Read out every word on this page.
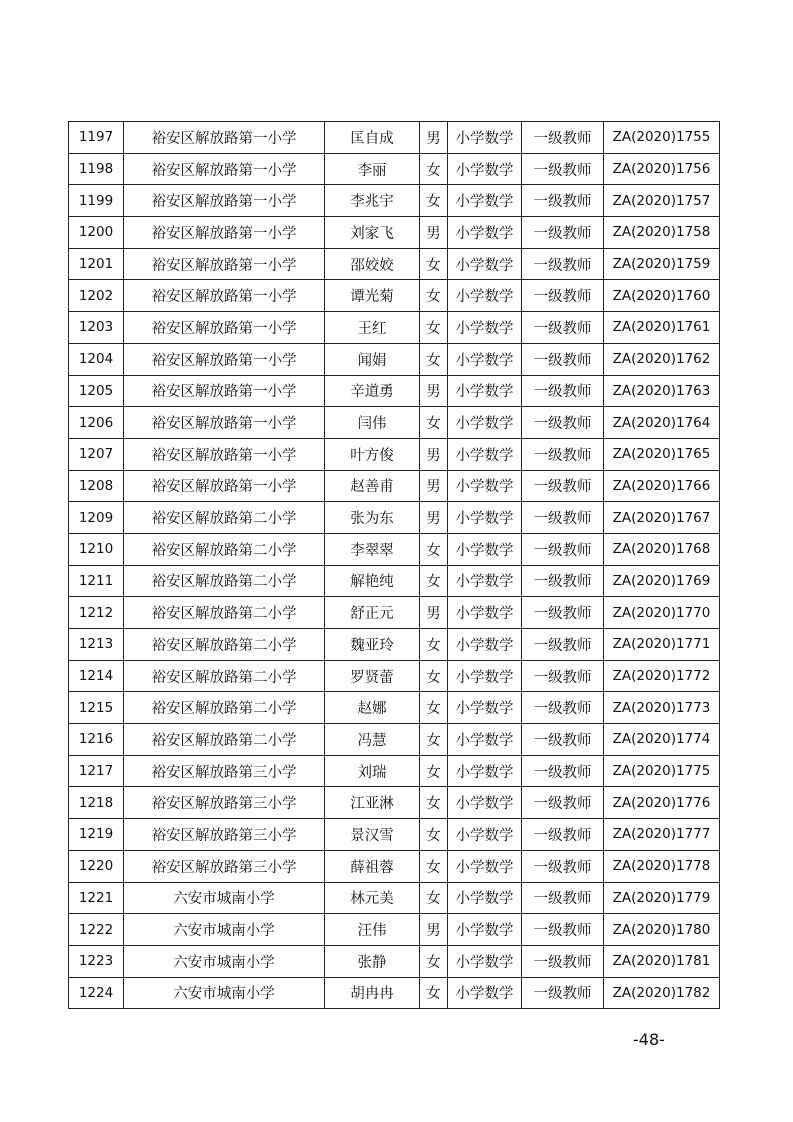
1197	裕安区解放路第一小学	匡自成	男	小学数学	一级教师	ZA(2020)1755
1198	裕安区解放路第一小学	李丽	女	小学数学	一级教师	ZA(2020)1756
1199	裕安区解放路第一小学	李兆宇	女	小学数学	一级教师	ZA(2020)1757
1200	裕安区解放路第一小学	刘家飞	男	小学数学	一级教师	ZA(2020)1758
1201	裕安区解放路第一小学	邵姣姣	女	小学数学	一级教师	ZA(2020)1759
1202	裕安区解放路第一小学	谭光菊	女	小学数学	一级教师	ZA(2020)1760
1203	裕安区解放路第一小学	王红	女	小学数学	一级教师	ZA(2020)1761
1204	裕安区解放路第一小学	闻娟	女	小学数学	一级教师	ZA(2020)1762
1205	裕安区解放路第一小学	辛道勇	男	小学数学	一级教师	ZA(2020)1763
1206	裕安区解放路第一小学	闫伟	女	小学数学	一级教师	ZA(2020)1764
1207	裕安区解放路第一小学	叶方俊	男	小学数学	一级教师	ZA(2020)1765
1208	裕安区解放路第一小学	赵善甫	男	小学数学	一级教师	ZA(2020)1766
1209	裕安区解放路第二小学	张为东	男	小学数学	一级教师	ZA(2020)1767
1210	裕安区解放路第二小学	李翠翠	女	小学数学	一级教师	ZA(2020)1768
1211	裕安区解放路第二小学	解艳纯	女	小学数学	一级教师	ZA(2020)1769
1212	裕安区解放路第二小学	舒正元	男	小学数学	一级教师	ZA(2020)1770
1213	裕安区解放路第二小学	魏亚玲	女	小学数学	一级教师	ZA(2020)1771
1214	裕安区解放路第二小学	罗贤蕾	女	小学数学	一级教师	ZA(2020)1772
1215	裕安区解放路第二小学	赵娜	女	小学数学	一级教师	ZA(2020)1773
1216	裕安区解放路第二小学	冯慧	女	小学数学	一级教师	ZA(2020)1774
1217	裕安区解放路第三小学	刘瑞	女	小学数学	一级教师	ZA(2020)1775
1218	裕安区解放路第三小学	江亚淋	女	小学数学	一级教师	ZA(2020)1776
1219	裕安区解放路第三小学	景汉雪	女	小学数学	一级教师	ZA(2020)1777
1220	裕安区解放路第三小学	薛祖蓉	女	小学数学	一级教师	ZA(2020)1778
1221	六安市城南小学	林元美	女	小学数学	一级教师	ZA(2020)1779
1222	六安市城南小学	汪伟	男	小学数学	一级教师	ZA(2020)1780
1223	六安市城南小学	张静	女	小学数学	一级教师	ZA(2020)1781
1224	六安市城南小学	胡冉冉	女	小学数学	一级教师	ZA(2020)1782
-48-
